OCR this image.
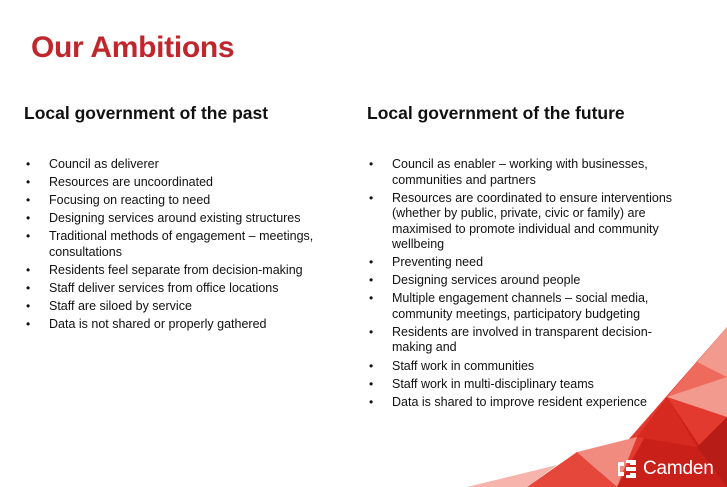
Our Ambitions
Local government of the past
• Council as deliverer
• Resources are uncoordinated
• Focusing on reacting to need
• Designing services around existing structures
• Traditional methods of engagement – meetings, consultations
• Residents feel separate from decision-making
• Staff deliver services from office locations
• Staff are siloed by service
• Data is not shared or properly gathered
Local government of the future
• Council as enabler – working with businesses, communities and partners
• Resources are coordinated to ensure interventions (whether by public, private, civic or family) are maximised to promote individual and community wellbeing
• Preventing need
• Designing services around people
• Multiple engagement channels – social media, community meetings, participatory budgeting
• Residents are involved in transparent decision-making and
• Staff work in communities
• Staff work in multi-disciplinary teams
• Data is shared to improve resident experience
Camden
